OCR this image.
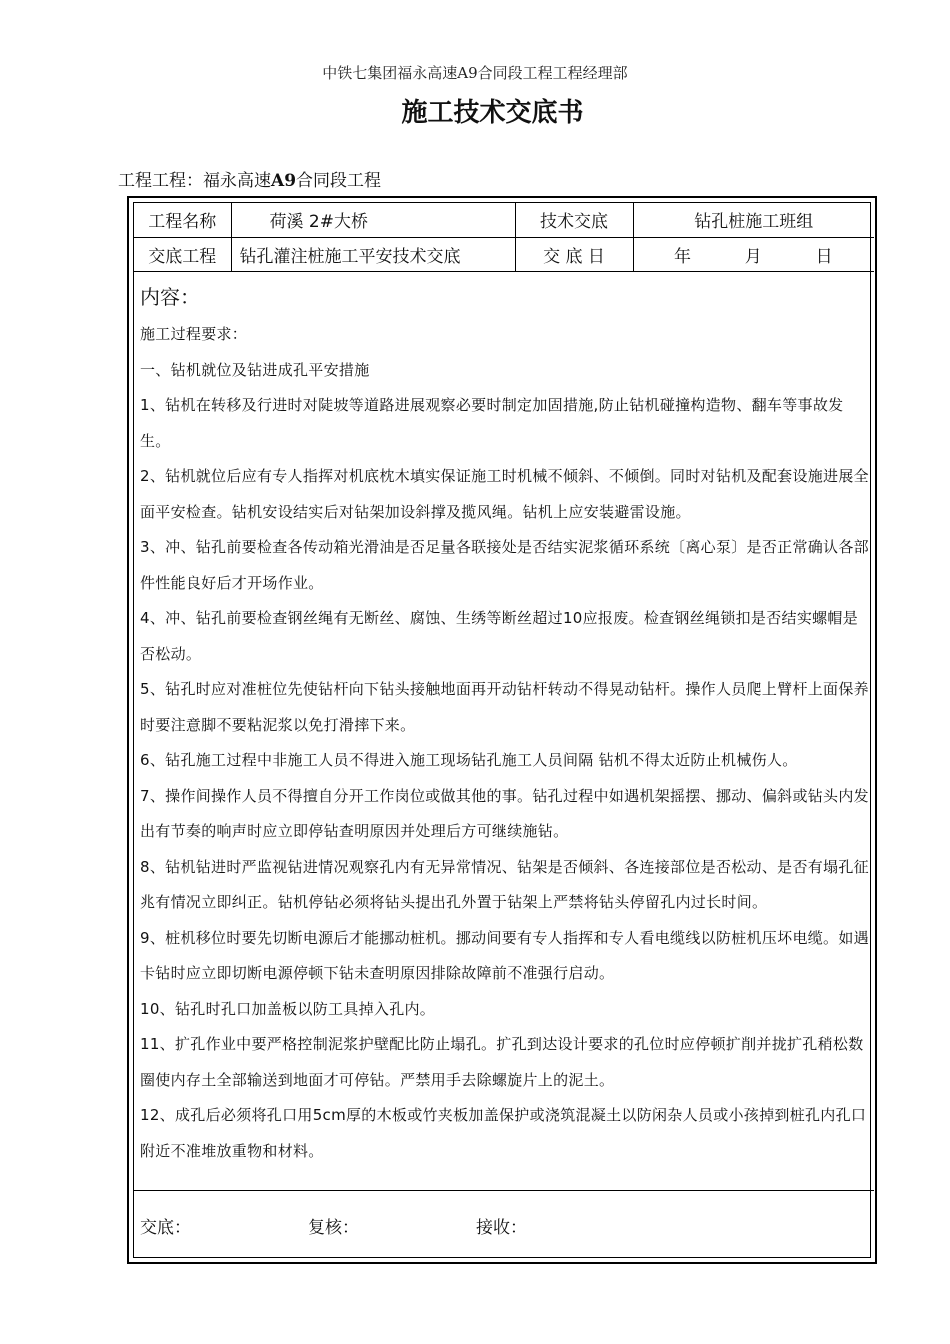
中铁七集团福永高速A9合同段工程工程经理部
施工技术交底书
工程工程：福永高速A9合同段工程
工程名称	荷溪 2#大桥	技术交底	钻孔桩施工班组
交底工程	钻孔灌注桩施工平安技术交底	交 底 日	年 月 日
内容：

施工过程要求：

一、钻机就位及钻进成孔平安措施

1、钻机在转移及行进时对陡坡等道路进展观察必要时制定加固措施,防止钻机碰撞构造物、翻车等事故发生。

2、钻机就位后应有专人指挥对机底枕木填实保证施工时机械不倾斜、不倾倒。同时对钻机及配套设施进展全面平安检查。钻机安设结实后对钻架加设斜撑及揽风绳。钻机上应安装避雷设施。

3、冲、钻孔前要检查各传动箱光滑油是否足量各联接处是否结实泥浆循环系统〔离心泵〕是否正常确认各部件性能良好后才开场作业。

4、冲、钻孔前要检查钢丝绳有无断丝、腐蚀、生绣等断丝超过10应报废。检查钢丝绳锁扣是否结实螺帽是否松动。

5、钻孔时应对准桩位先使钻杆向下钻头接触地面再开动钻杆转动不得晃动钻杆。操作人员爬上臂杆上面保养时要注意脚不要粘泥浆以免打滑摔下来。

6、钻孔施工过程中非施工人员不得进入施工现场钻孔施工人员间隔 钻机不得太近防止机械伤人。

7、操作间操作人员不得擅自分开工作岗位或做其他的事。钻孔过程中如遇机架摇摆、挪动、偏斜或钻头内发出有节奏的响声时应立即停钻查明原因并处理后方可继续施钻。

8、钻机钻进时严监视钻进情况观察孔内有无异常情况、钻架是否倾斜、各连接部位是否松动、是否有塌孔征兆有情况立即纠正。钻机停钻必须将钻头提出孔外置于钻架上严禁将钻头停留孔内过长时间。

9、桩机移位时要先切断电源后才能挪动桩机。挪动间要有专人指挥和专人看电缆线以防桩机压坏电缆。如遇卡钻时应立即切断电源停顿下钻未查明原因排除故障前不准强行启动。

10、钻孔时孔口加盖板以防工具掉入孔内。

11、扩孔作业中要严格控制泥浆护壁配比防止塌孔。扩孔到达设计要求的孔位时应停顿扩削并拢扩孔稍松数圈使内存土全部输送到地面才可停钻。严禁用手去除螺旋片上的泥土。

12、成孔后必须将孔口用5cm厚的木板或竹夹板加盖保护或浇筑混凝土以防闲杂人员或小孩掉到桩孔内孔口附近不准堆放重物和材料。

交底：	复核：	接收：
